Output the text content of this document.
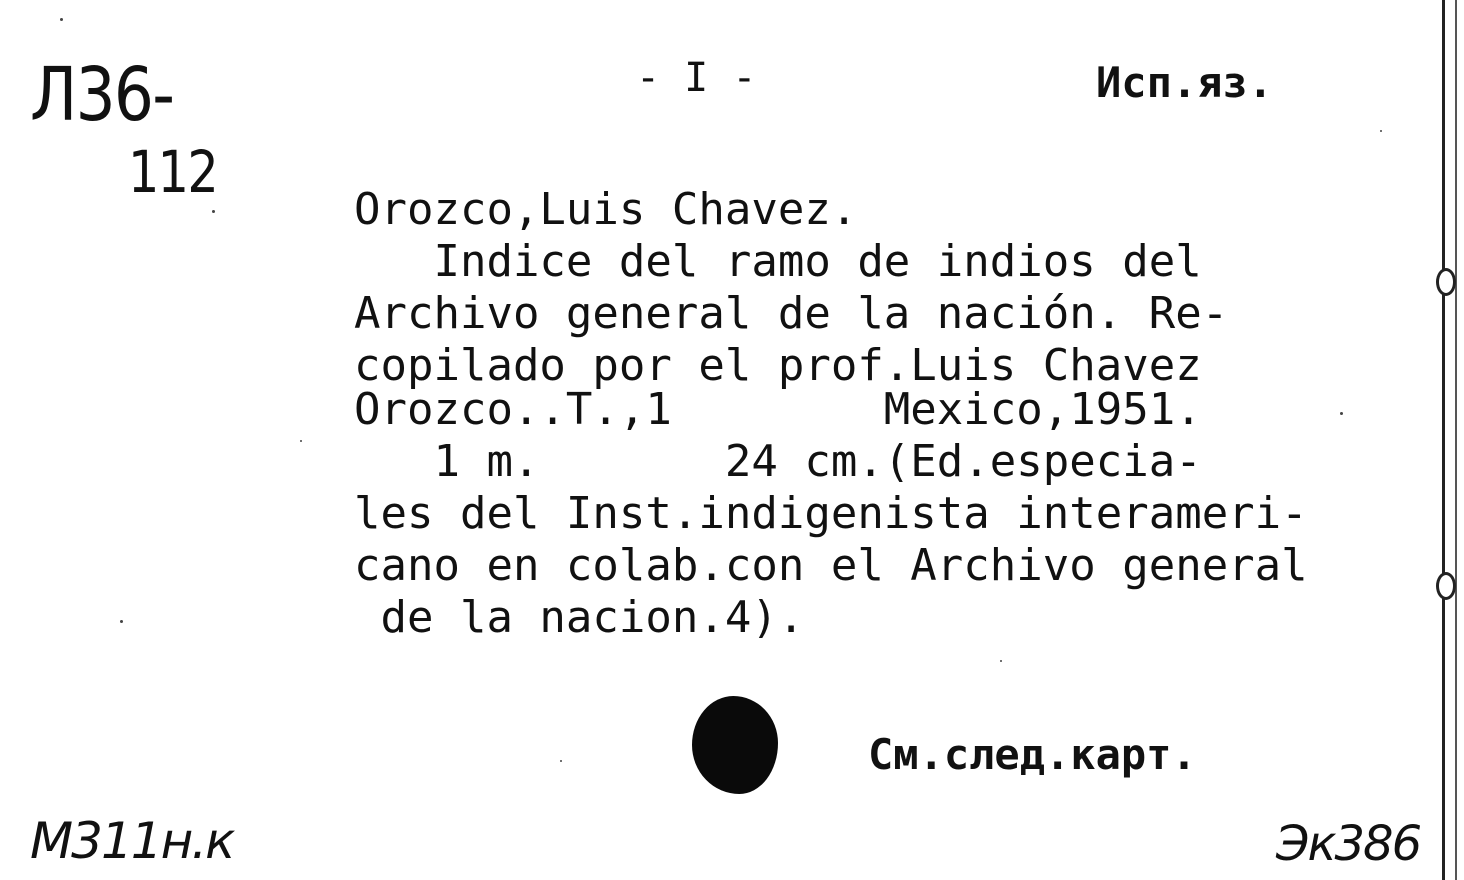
Л36-
112
- I -	Исп.яз.
Orozco,Luis Chavez.
Indice del ramo de indios del
Archivo general de la nación. Re-
copilado por el prof.Luis Chavez
Orozco..T.,1        Mexico,1951.
1 m.       24 cm.(Ed.especia-
les del Inst.indigenista interameri-
cano en colab.con el Archivo general
de la nacion.4).
См.след.карт.
М311н.к	Эк386
